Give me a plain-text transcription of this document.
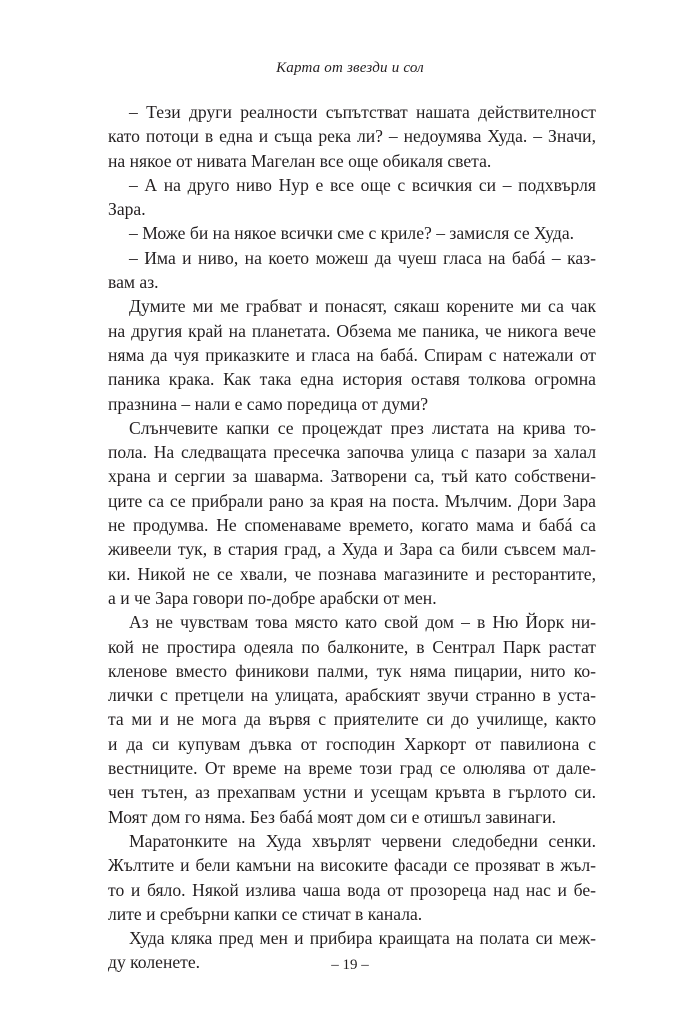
Карта от звезди и сол
– Тези други реалности съпътстват нашата действителност
като потоци в една и съща река ли? – недоумява Худа. – Значи,
на някое от нивата Магелан все още обикаля света.
– А на друго ниво Нур е все още с всичкия си – подхвърля
Зара.
– Може би на някое всички сме с криле? – замисля се Худа.
– Има и ниво, на което можеш да чуеш гласа на бабá – каз-
вам аз.
Думите ми ме грабват и понасят, сякаш корените ми са чак
на другия край на планетата. Обзема ме паника, че никога вече
няма да чуя приказките и гласа на бабá. Спирам с натежали от
паника крака. Как така една история оставя толкова огромна
празнина – нали е само поредица от думи?
Слънчевите капки се процеждат през листата на крива то-
пола. На следващата пресечка започва улица с пазари за халал
храна и сергии за шаварма. Затворени са, тъй като собствени-
ците са се прибрали рано за края на поста. Мълчим. Дори Зара
не продумва. Не споменаваме времето, когато мама и бабá са
живеели тук, в стария град, а Худа и Зара са били съвсем мал-
ки. Никой не се хвали, че познава магазините и ресторантите,
а и че Зара говори по-добре арабски от мен.
Аз не чувствам това място като свой дом – в Ню Йорк ни-
кой не простира одеяла по балконите, в Сентрал Парк растат
кленове вместо финикови палми, тук няма пицарии, нито ко-
лички с претцели на улицата, арабският звучи странно в уста-
та ми и не мога да вървя с приятелите си до училище, както
и да си купувам дъвка от господин Харкорт от павилиона с
вестниците. От време на време този град се олюлява от дале-
чен тътен, аз прехапвам устни и усещам кръвта в гърлото си.
Моят дом го няма. Без бабá моят дом си е отишъл завинаги.
Маратонките на Худа хвърлят червени следобедни сенки.
Жълтите и бели камъни на високите фасади се прозяват в жъл-
то и бяло. Някой излива чаша вода от прозореца над нас и бе-
лите и сребърни капки се стичат в канала.
Худа кляка пред мен и прибира краищата на полата си меж-
ду коленете.	– 19 –
